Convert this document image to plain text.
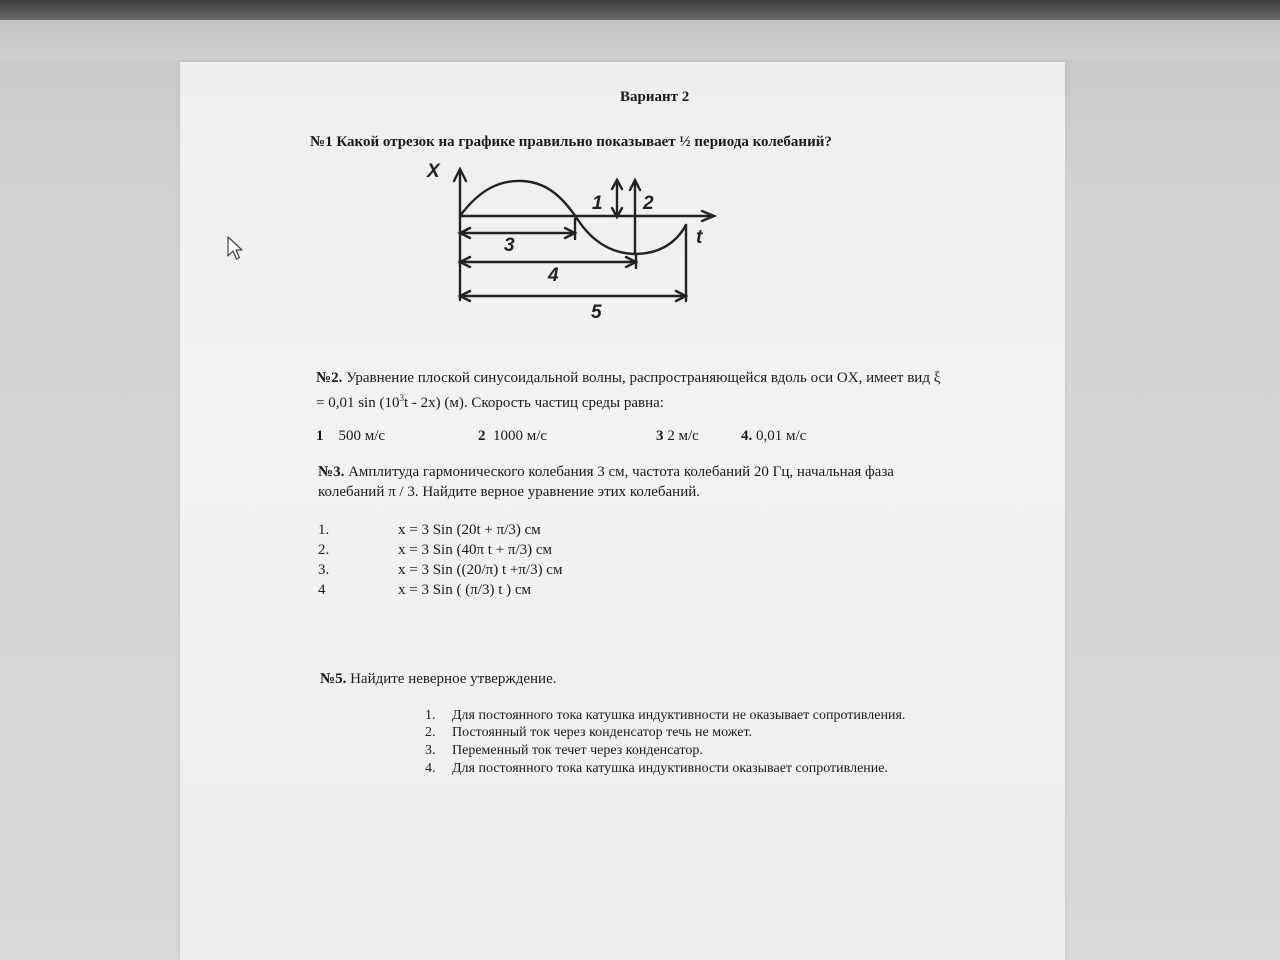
Вариант 2
№1 Какой отрезок на графике правильно показывает ½ периода колебаний?
X
t
1 2
3
4
5
№2. Уравнение плоской синусоидальной волны, распространяющейся вдоль оси OX, имеет вид ξ
= 0,01 $\sin (10^3t - 2x)$ (м). Скорость частиц среды равна:
1 500 м/с	2 1000 м/с	3 2 м/с	4. 0,01 м/с
№3. Амплитуда гармонического колебания 3 см, частота колебаний 20 Гц, начальная фаза
колебаний π / 3. Найдите верное уравнение этих колебаний.
1.	x = 3 Sin (20t + π/3) см
2.	x = 3 Sin (40π t + π/3) см
3.	x = 3 Sin ((20/π) t +π/3) см
4	x = 3 Sin ( (π/3) t ) см
№5. Найдите неверное утверждение.
1. Для постоянного тока катушка индуктивности не оказывает сопротивления.
2. Постоянный ток через конденсатор течь не может.
3. Переменный ток течет через конденсатор.
4. Для постоянного тока катушка индуктивности оказывает сопротивление.
